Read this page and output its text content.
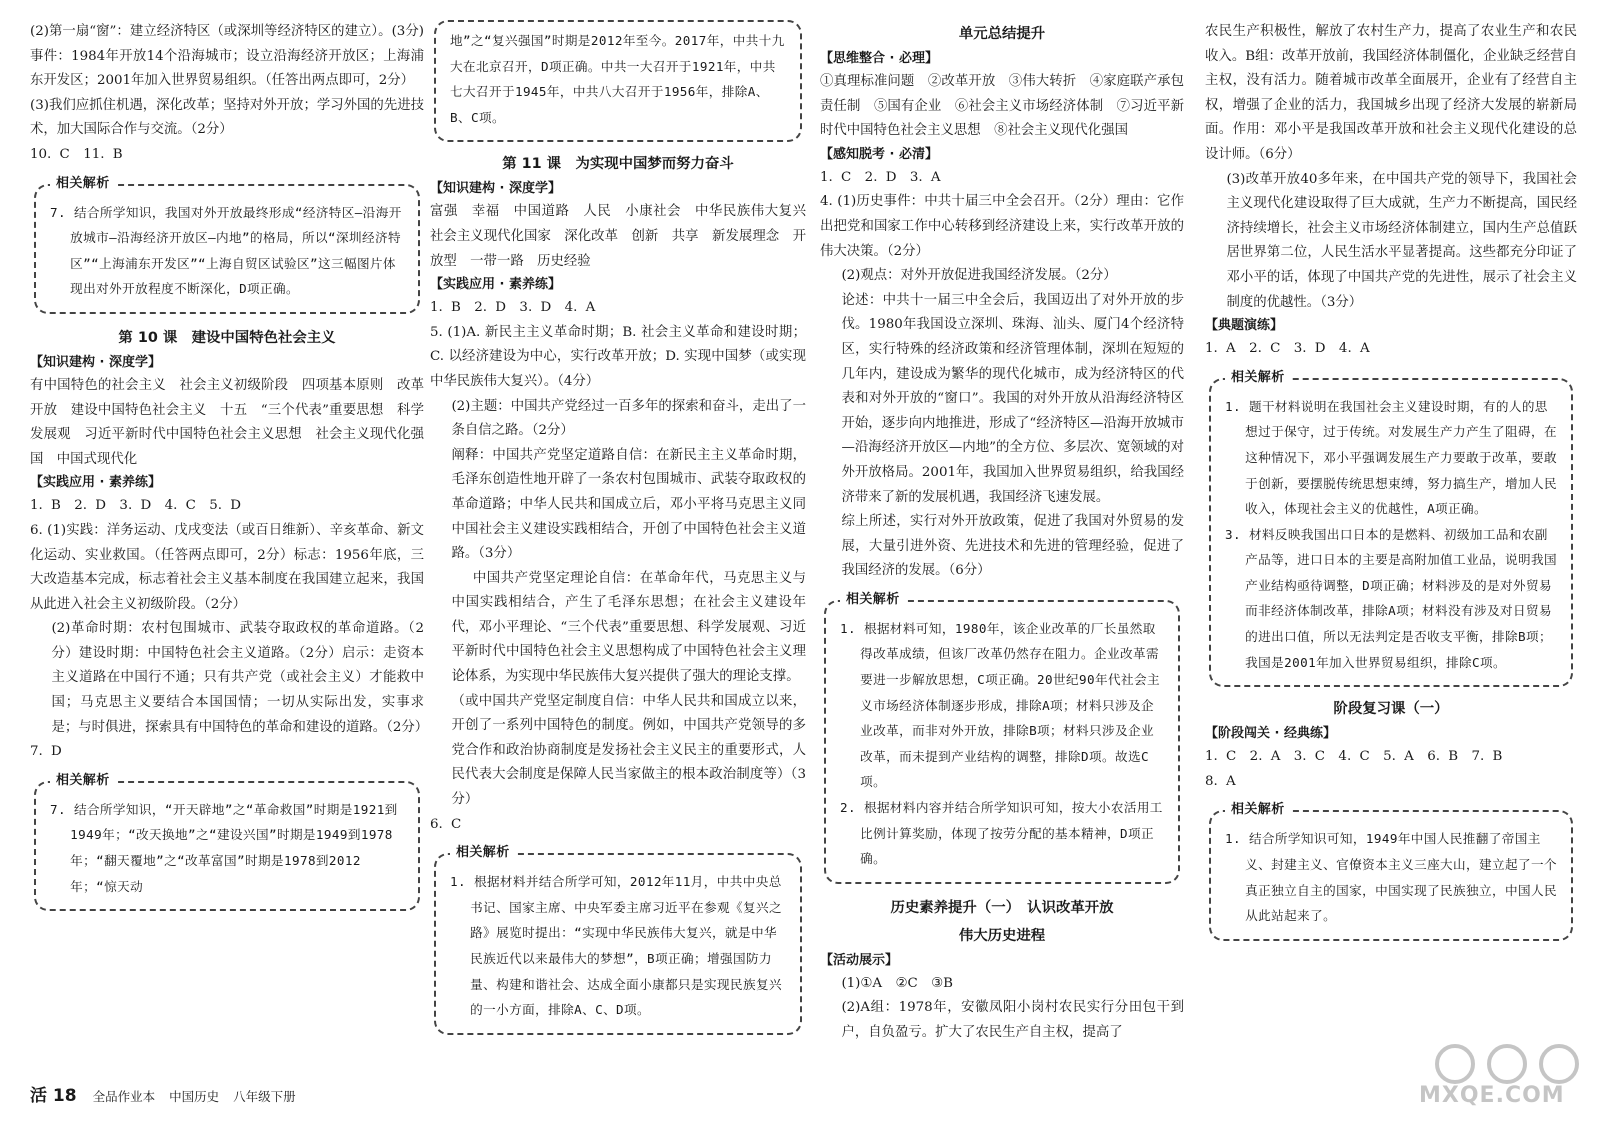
(2)第一扇“窗”：建立经济特区（或深圳等经济特区的建立）。(3分)事件：1984年开放14个沿海城市；设立沿海经济开放区；上海浦东开发区；2001年加入世界贸易组织。（任答出两点即可，2分）
(3)我们应抓住机遇，深化改革；坚持对外开放；学习外国的先进技术，加大国际合作与交流。（2分）
10. C　11. B
相关解析
7. 结合所学知识，我国对外开放最终形成“经济特区—沿海开放城市—沿海经济开放区—内地”的格局，所以“深圳经济特区”“上海浦东开发区”“上海自贸区试验区”这三幅图片体现出对外开放程度不断深化，D项正确。
第 10 课　建设中国特色社会主义
【知识建构 · 深度学】
有中国特色的社会主义　社会主义初级阶段　四项基本原则　改革开放　建设中国特色社会主义　十五　“三个代表”重要思想　科学发展观　习近平新时代中国特色社会主义思想　社会主义现代化强国　中国式现代化
【实践应用 · 素养练】
1. B　2. D　3. D　4. C　5. D
6. (1)实践：洋务运动、戊戌变法（或百日维新）、辛亥革命、新文化运动、实业救国。（任答两点即可，2分）标志：1956年底，三大改造基本完成，标志着社会主义基本制度在我国建立起来，我国从此进入社会主义初级阶段。（2分）
(2)革命时期：农村包围城市、武装夺取政权的革命道路。（2分）建设时期：中国特色社会主义道路。（2分）启示：走资本主义道路在中国行不通；只有共产党（或社会主义）才能救中国；马克思主义要结合本国国情；一切从实际出发，实事求是；与时俱进，探索具有中国特色的革命和建设的道路。（2分）
7. D
相关解析
7. 结合所学知识，“开天辟地”之“革命救国”时期是1921到1949年；“改天换地”之“建设兴国”时期是1949到1978年；“翻天覆地”之“改革富国”时期是1978到2012年；“惊天动
地”之“复兴强国”时期是2012年至今。2017年，中共十九大在北京召开，D项正确。中共一大召开于1921年，中共七大召开于1945年，中共八大召开于1956年，排除A、B、C项。
第 11 课　为实现中国梦而努力奋斗
【知识建构 · 深度学】
富强　幸福　中国道路　人民　小康社会　中华民族伟大复兴　社会主义现代化国家　深化改革　创新　共享　新发展理念　开放型　一带一路　历史经验
【实践应用 · 素养练】
1. B　2. D　3. D　4. A
5. (1)A. 新民主主义革命时期；B. 社会主义革命和建设时期；C. 以经济建设为中心，实行改革开放；D. 实现中国梦（或实现中华民族伟大复兴）。（4分）
(2)主题：中国共产党经过一百多年的探索和奋斗，走出了一条自信之路。（2分）
阐释：中国共产党坚定道路自信：在新民主主义革命时期，毛泽东创造性地开辟了一条农村包围城市、武装夺取政权的革命道路；中华人民共和国成立后，邓小平将马克思主义同中国社会主义建设实践相结合，开创了中国特色社会主义道路。（3分）
中国共产党坚定理论自信：在革命年代，马克思主义与中国实践相结合，产生了毛泽东思想；在社会主义建设年代，邓小平理论、“三个代表”重要思想、科学发展观、习近平新时代中国特色社会主义思想构成了中国特色社会主义理论体系，为实现中华民族伟大复兴提供了强大的理论支撑。
（或中国共产党坚定制度自信：中华人民共和国成立以来，开创了一系列中国特色的制度。例如，中国共产党领导的多党合作和政治协商制度是发扬社会主义民主的重要形式，人民代表大会制度是保障人民当家做主的根本政治制度等）（3分）
6. C
相关解析
1. 根据材料并结合所学可知，2012年11月，中共中央总书记、国家主席、中央军委主席习近平在参观《复兴之路》展览时提出：“实现中华民族伟大复兴，就是中华民族近代以来最伟大的梦想”，B项正确；增强国防力量、构建和谐社会、达成全面小康都只是实现民族复兴的一小方面，排除A、C、D项。
单元总结提升
【思维整合 · 必理】
①真理标准问题　②改革开放　③伟大转折　④家庭联产承包责任制　⑤国有企业　⑥社会主义市场经济体制　⑦习近平新时代中国特色社会主义思想　⑧社会主义现代化强国
【感知脱考 · 必清】
1. C　2. D　3. A
4. (1)历史事件：中共十届三中全会召开。（2分）理由：它作出把党和国家工作中心转移到经济建设上来，实行改革开放的伟大决策。（2分）
(2)观点：对外开放促进我国经济发展。（2分）
论述：中共十一届三中全会后，我国迈出了对外开放的步伐。1980年我国设立深圳、珠海、汕头、厦门4个经济特区，实行特殊的经济政策和经济管理体制，深圳在短短的几年内，建设成为繁华的现代化城市，成为经济特区的代表和对外开放的“窗口”。我国的对外开放从沿海经济特区开始，逐步向内地推进，形成了“经济特区—沿海开放城市—沿海经济开放区—内地”的全方位、多层次、宽领域的对外开放格局。2001年，我国加入世界贸易组织，给我国经济带来了新的发展机遇，我国经济飞速发展。
综上所述，实行对外开放政策，促进了我国对外贸易的发展，大量引进外资、先进技术和先进的管理经验，促进了我国经济的发展。（6分）
相关解析
1. 根据材料可知，1980年，该企业改革的厂长虽然取得改革成绩，但该厂改革仍然存在阻力。企业改革需要进一步解放思想，C项正确。20世纪90年代社会主义市场经济体制逐步形成，排除A项；材料只涉及企业改革，而非对外开放，排除B项；材料只涉及企业改革，而未提到产业结构的调整，排除D项。故选C项。
2. 根据材料内容并结合所学知识可知，按大小农活用工比例计算奖励，体现了按劳分配的基本精神，D项正确。
历史素养提升（一）　认识改革开放
伟大历史进程
【活动展示】
(1)①A　②C　③B
(2)A组：1978年，安徽凤阳小岗村农民实行分田包干到户，自负盈亏。扩大了农民生产自主权，提高了
农民生产积极性，解放了农村生产力，提高了农业生产和农民收入。B组：改革开放前，我国经济体制僵化，企业缺乏经营自主权，没有活力。随着城市改革全面展开，企业有了经营自主权，增强了企业的活力，我国城乡出现了经济大发展的崭新局面。作用：邓小平是我国改革开放和社会主义现代化建设的总设计师。（6分）
(3)改革开放40多年来，在中国共产党的领导下，我国社会主义现代化建设取得了巨大成就，生产力不断提高，国民经济持续增长，社会主义市场经济体制建立，国内生产总值跃居世界第二位，人民生活水平显著提高。这些都充分印证了邓小平的话，体现了中国共产党的先进性，展示了社会主义制度的优越性。（3分）
【典题演练】
1. A　2. C　3. D　4. A
相关解析
1. 题干材料说明在我国社会主义建设时期，有的人的思想过于保守，过于传统。对发展生产力产生了阻碍，在这种情况下，邓小平强调发展生产力要敢于改革，要敢于创新，要摆脱传统思想束缚，努力搞生产，增加人民收入，体现社会主义的优越性，A项正确。
3. 材料反映我国出口日本的是燃料、初级加工品和农副产品等，进口日本的主要是高附加值工业品，说明我国产业结构亟待调整，D项正确；材料涉及的是对外贸易而非经济体制改革，排除A项；材料没有涉及对日贸易的进出口值，所以无法判定是否收支平衡，排除B项；我国是2001年加入世界贸易组织，排除C项。
阶段复习课（一）
【阶段闯关 · 经典练】
1. C　2. A　3. C　4. C　5. A　6. B　7. B
8. A
相关解析
1. 结合所学知识可知，1949年中国人民推翻了帝国主义、封建主义、官僚资本主义三座大山，建立起了一个真正独立自主的国家，中国实现了民族独立，中国人民从此站起来了。
活 18 全品作业本 中国历史 八年级下册	MXQE.COM
